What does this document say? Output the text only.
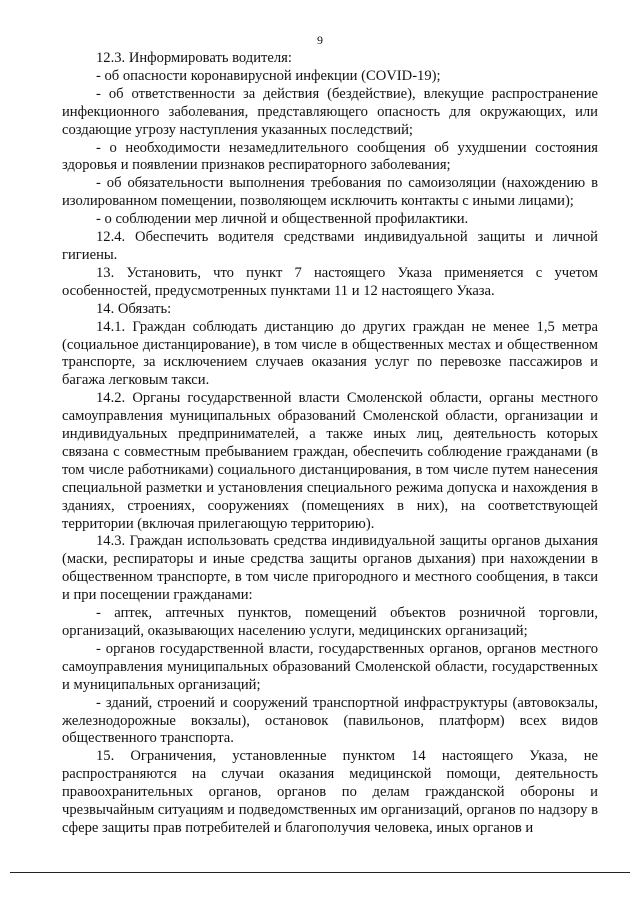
9

12.3. Информировать водителя:

- об опасности коронавирусной инфекции (COVID-19);

- об ответственности за действия (бездействие), влекущие распространение инфекционного заболевания, представляющего опасность для окружающих, или создающие угрозу наступления указанных последствий;

- о необходимости незамедлительного сообщения об ухудшении состояния здоровья и появлении признаков респираторного заболевания;

- об обязательности выполнения требования по самоизоляции (нахождению в изолированном помещении, позволяющем исключить контакты с иными лицами);

- о соблюдении мер личной и общественной профилактики.

12.4. Обеспечить водителя средствами индивидуальной защиты и личной гигиены.

13. Установить, что пункт 7 настоящего Указа применяется с учетом особенностей, предусмотренных пунктами 11 и 12 настоящего Указа.

14. Обязать:

14.1. Граждан соблюдать дистанцию до других граждан не менее 1,5 метра (социальное дистанцирование), в том числе в общественных местах и общественном транспорте, за исключением случаев оказания услуг по перевозке пассажиров и багажа легковым такси.

14.2. Органы государственной власти Смоленской области, органы местного самоуправления муниципальных образований Смоленской области, организации и индивидуальных предпринимателей, а также иных лиц, деятельность которых связана с совместным пребыванием граждан, обеспечить соблюдение гражданами (в том числе работниками) социального дистанцирования, в том числе путем нанесения специальной разметки и установления специального режима допуска и нахождения в зданиях, строениях, сооружениях (помещениях в них), на соответствующей территории (включая прилегающую территорию).

14.3. Граждан использовать средства индивидуальной защиты органов дыхания (маски, респираторы и иные средства защиты органов дыхания) при нахождении в общественном транспорте, в том числе пригородного и местного сообщения, в такси и при посещении гражданами:

- аптек, аптечных пунктов, помещений объектов розничной торговли, организаций, оказывающих населению услуги, медицинских организаций;

- органов государственной власти, государственных органов, органов местного самоуправления муниципальных образований Смоленской области, государственных и муниципальных организаций;

- зданий, строений и сооружений транспортной инфраструктуры (автовокзалы, железнодорожные вокзалы), остановок (павильонов, платформ) всех видов общественного транспорта.

15. Ограничения, установленные пунктом 14 настоящего Указа, не распространяются на случаи оказания медицинской помощи, деятельность правоохранительных органов, органов по делам гражданской обороны и чрезвычайным ситуациям и подведомственных им организаций, органов по надзору в сфере защиты прав потребителей и благополучия человека, иных органов и
